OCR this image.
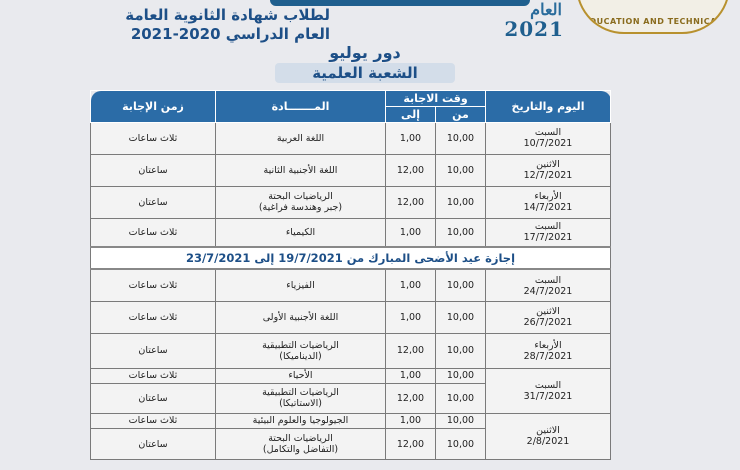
لطلاب شهادة الثانوية العامة
العام الدراسي 2020-2021
العام
2021	EDUCATION AND TECHNICAL
دور يوليو
الشعبة العلمية
اليوم والتاريخ	وقت الاجابة		المـــــــادة	زمن الإجابة
	من	إلى		

السبت
10/7/2021	10,00	1,00	اللغة العربية	ثلاث ساعات

الاثنين
12/7/2021	10,00	12,00	اللغة الأجنبية الثانية	ساعتان

الأربعاء
14/7/2021	10,00	12,00	الرياضيات البحتة
(جبر وهندسة فراغية)	ساعتان

السبت
17/7/2021	10,00	1,00	الكيمياء	ثلاث ساعات
إجازة عيد الأضحى المبارك من 19/7/2021 إلى 23/7/2021				

السبت
24/7/2021	10,00	1,00	الفيزياء	ثلاث ساعات

الاثنين
26/7/2021	10,00	1,00	اللغة الأجنبية الأولى	ثلاث ساعات

الأربعاء
28/7/2021	10,00	12,00	الرياضيات التطبيقية
(الديناميكا)	ساعتان

السبت
31/7/2021	10,00	1,00	الأحياء	ثلاث ساعات
	10,00	12,00	الرياضيات التطبيقية
(الاستاتيكا)	ساعتان

الاثنين
2/8/2021	10,00	1,00	الجيولوجيا والعلوم البيئية	ثلاث ساعات
	10,00	12,00	الرياضيات البحتة
(التفاضل والتكامل)	ساعتان
